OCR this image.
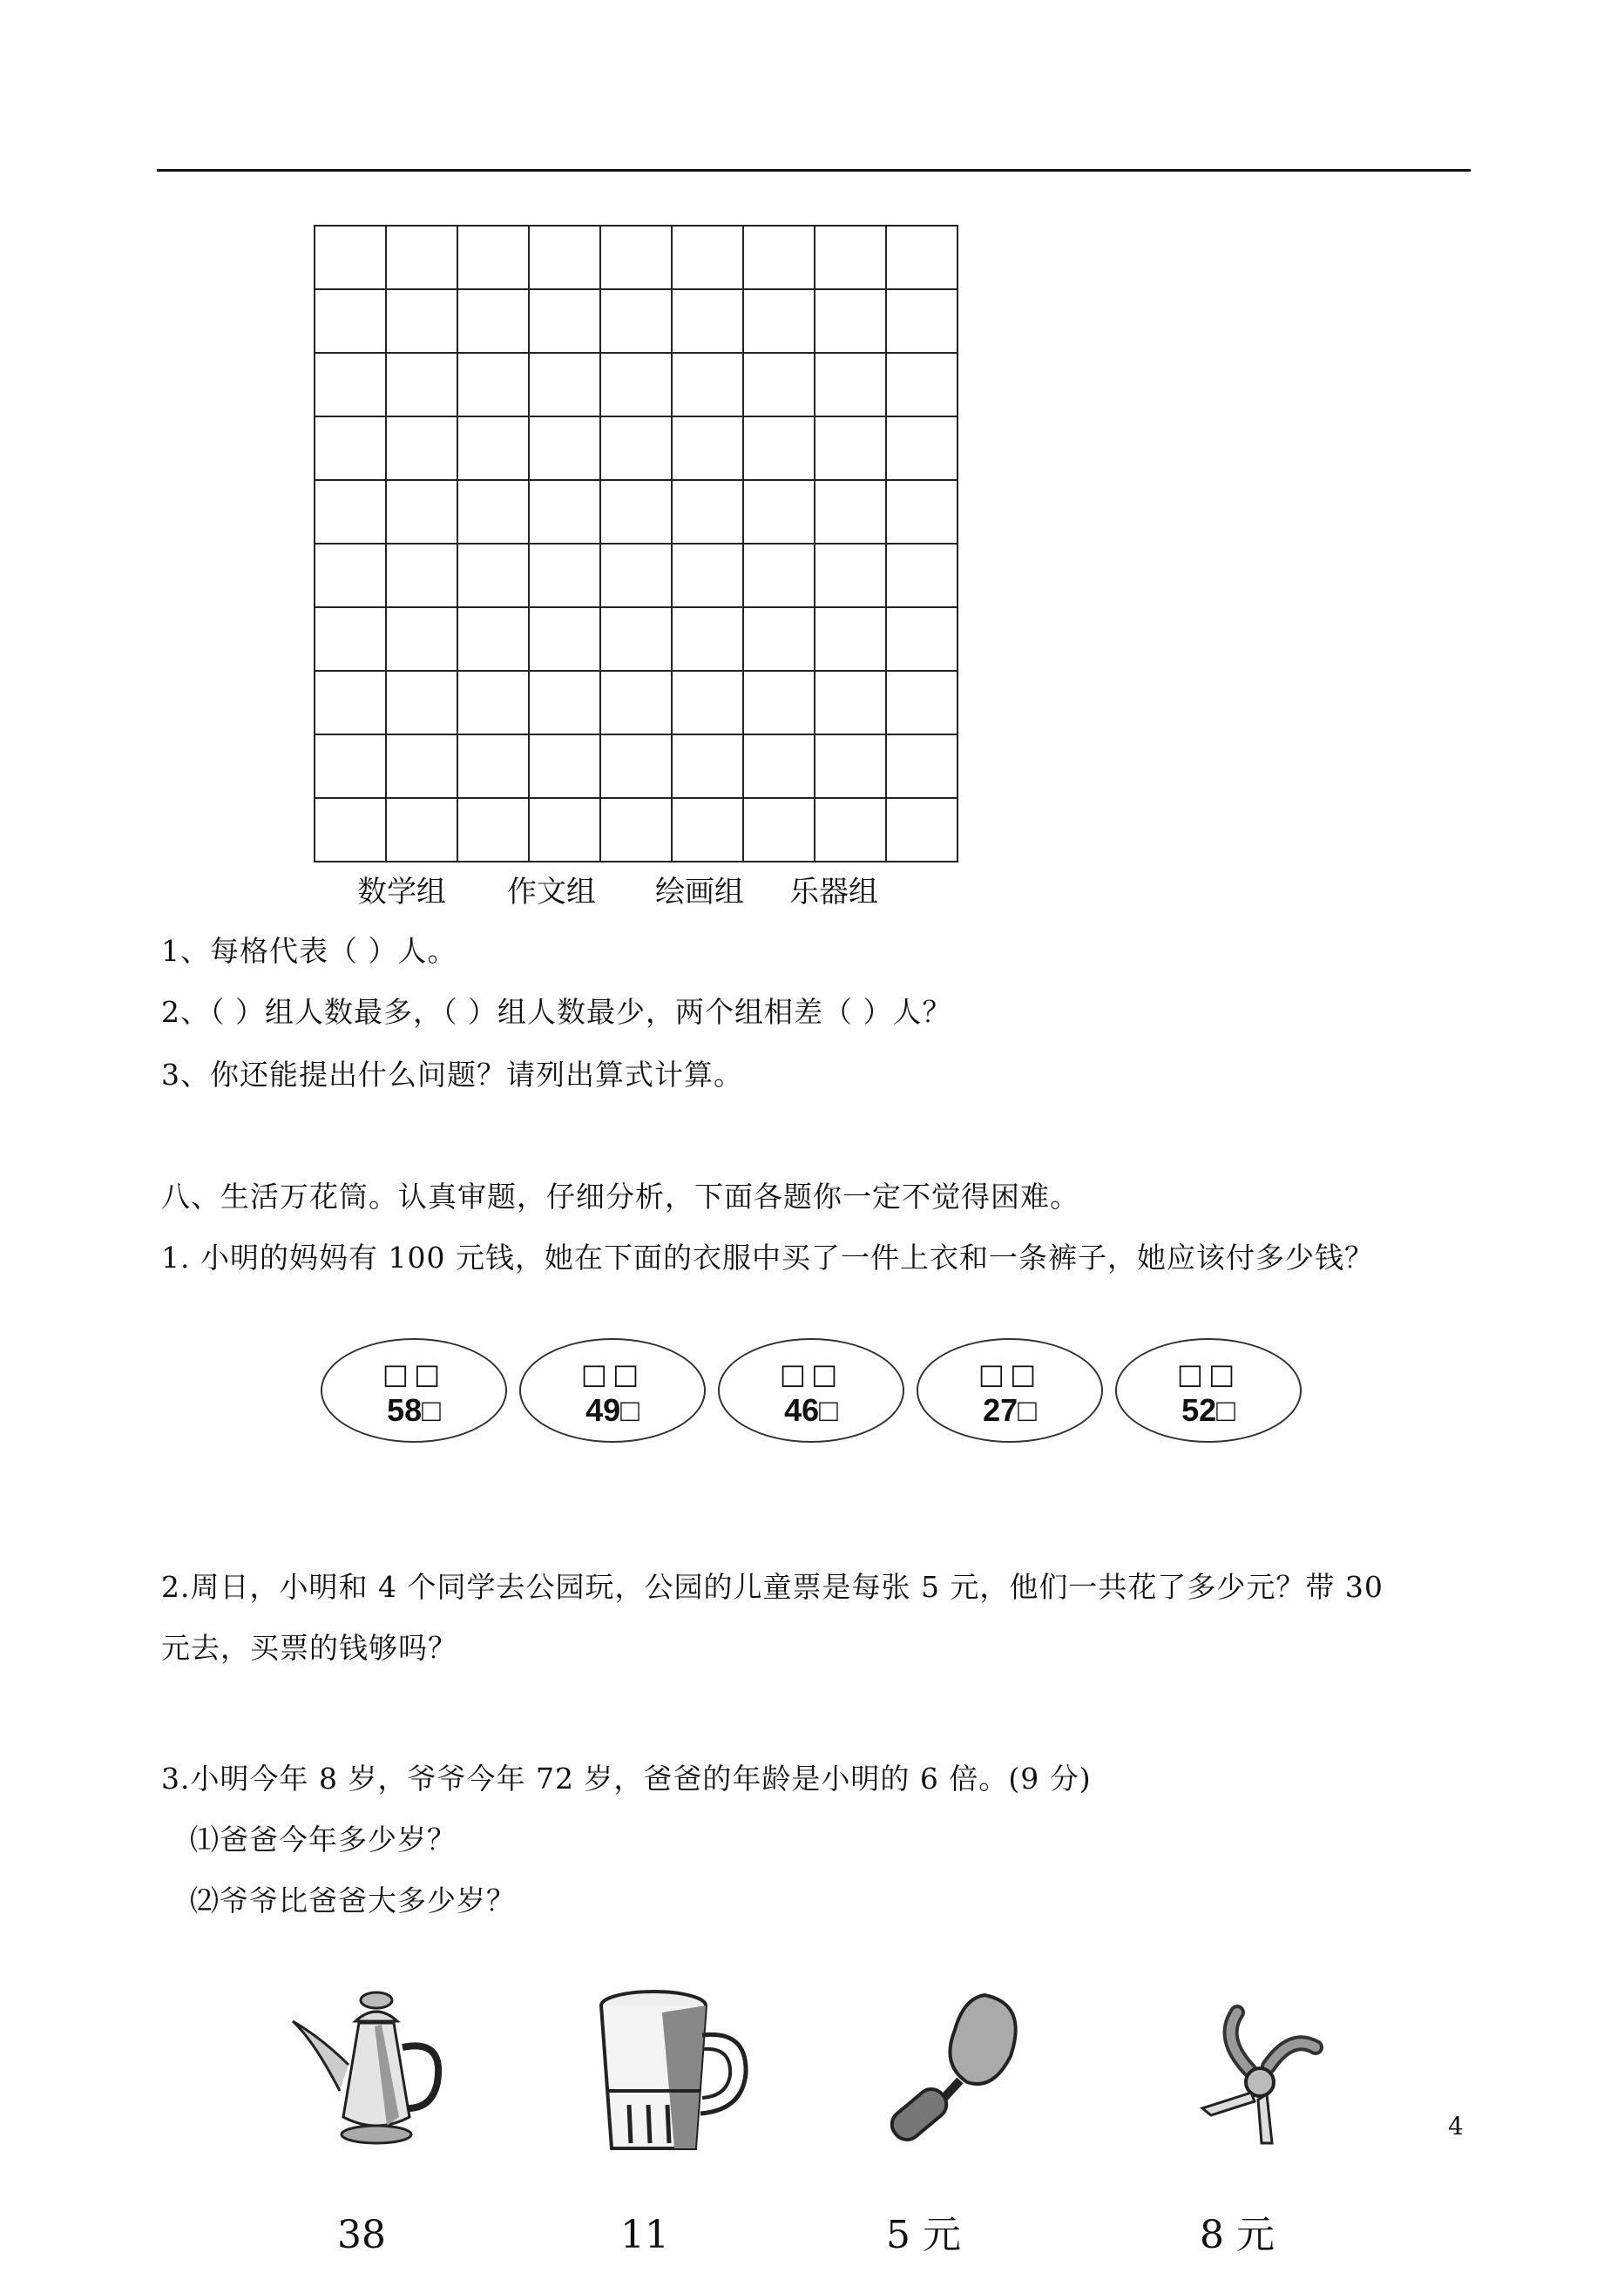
数学组 作文组 绘画组 乐器组
1、每格代表（ ）人。
2、（ ）组人数最多，（ ）组人数最少，两个组相差（ ）人？
3、你还能提出什么问题？请列出算式计算。
八、生活万花筒。认真审题，仔细分析，下面各题你一定不觉得困难。
1. 小明的妈妈有 100 元钱，她在下面的衣服中买了一件上衣和一条裤子，她应该付多少钱？
□□
58□
□□
49□
□□
46□
□□
27□
□□
52□
2.周日，小明和 4 个同学去公园玩，公园的儿童票是每张 5 元，他们一共花了多少元？带 30
元去，买票的钱够吗？
3.小明今年 8 岁，爷爷今年 72 岁，爸爸的年龄是小明的 6 倍。(9 分)
⑴爸爸今年多少岁？
⑵爷爷比爸爸大多少岁？
38	11	5 元	8 元
4
